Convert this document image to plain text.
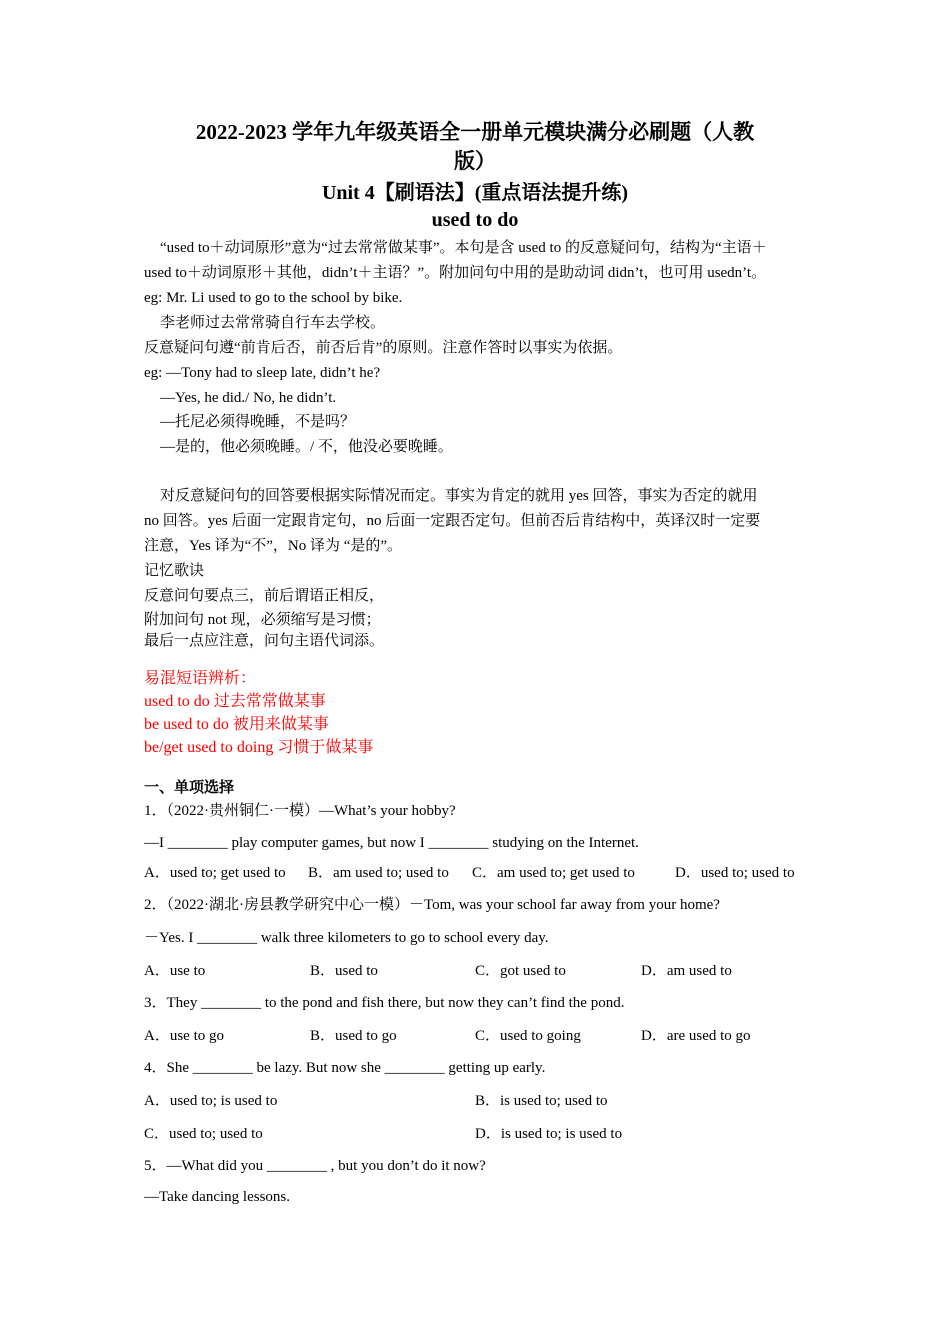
2022-2023 学年九年级英语全一册单元模块满分必刷题（人教
版）
Unit 4【刷语法】(重点语法提升练)
used to do
“used to＋动词原形”意为“过去常常做某事”。本句是含 used to 的反意疑问句，结构为“主语＋
used to＋动词原形＋其他，didn’t＋主语？”。附加问句中用的是助动词 didn’t，也可用 usedn’t。
eg: Mr. Li used to go to the school by bike.
李老师过去常常骑自行车去学校。
反意疑问句遵“前肯后否，前否后肯”的原则。注意作答时以事实为依据。
eg: —Tony had to sleep late, didn’t he?
—Yes, he did./ No, he didn’t.
—托尼必须得晚睡，不是吗？
—是的，他必须晚睡。/ 不，他没必要晚睡。
对反意疑问句的回答要根据实际情况而定。事实为肯定的就用 yes 回答，事实为否定的就用
no 回答。yes 后面一定跟肯定句，no 后面一定跟否定句。但前否后肯结构中，英译汉时一定要
注意，Yes 译为“不”，No 译为 “是的”。
记忆歌诀
反意问句要点三，前后谓语正相反，
附加问句 not 现，必须缩写是习惯；
最后一点应注意，问句主语代词添。
易混短语辨析：
used to do 过去常常做某事
be used to do 被用来做某事
be/get used to doing 习惯于做某事
一、单项选择
1．（2022·贵州铜仁·一模）—What’s your hobby?
—I ________ play computer games, but now I ________ studying on the Internet.
A．used to; get used to B．am used to; used to C．am used to; get used to	D．used to; used to
2．（2022·湖北·房县教学研究中心一模）－Tom, was your school far away from your home?
－Yes. I ________ walk three kilometers to go to school every day.
A．use to	B．used to	C．got used to	D．am used to
3．They ________ to the pond and fish there, but now they can’t find the pond.
A．use to go	B．used to go	C．used to going	D．are used to go
4．She ________ be lazy. But now she ________ getting up early.
A．used to; is used to	B．is used to; used to
C．used to; used to	D．is used to; is used to
5．—What did you ________ , but you don’t do it now?
—Take dancing lessons.
